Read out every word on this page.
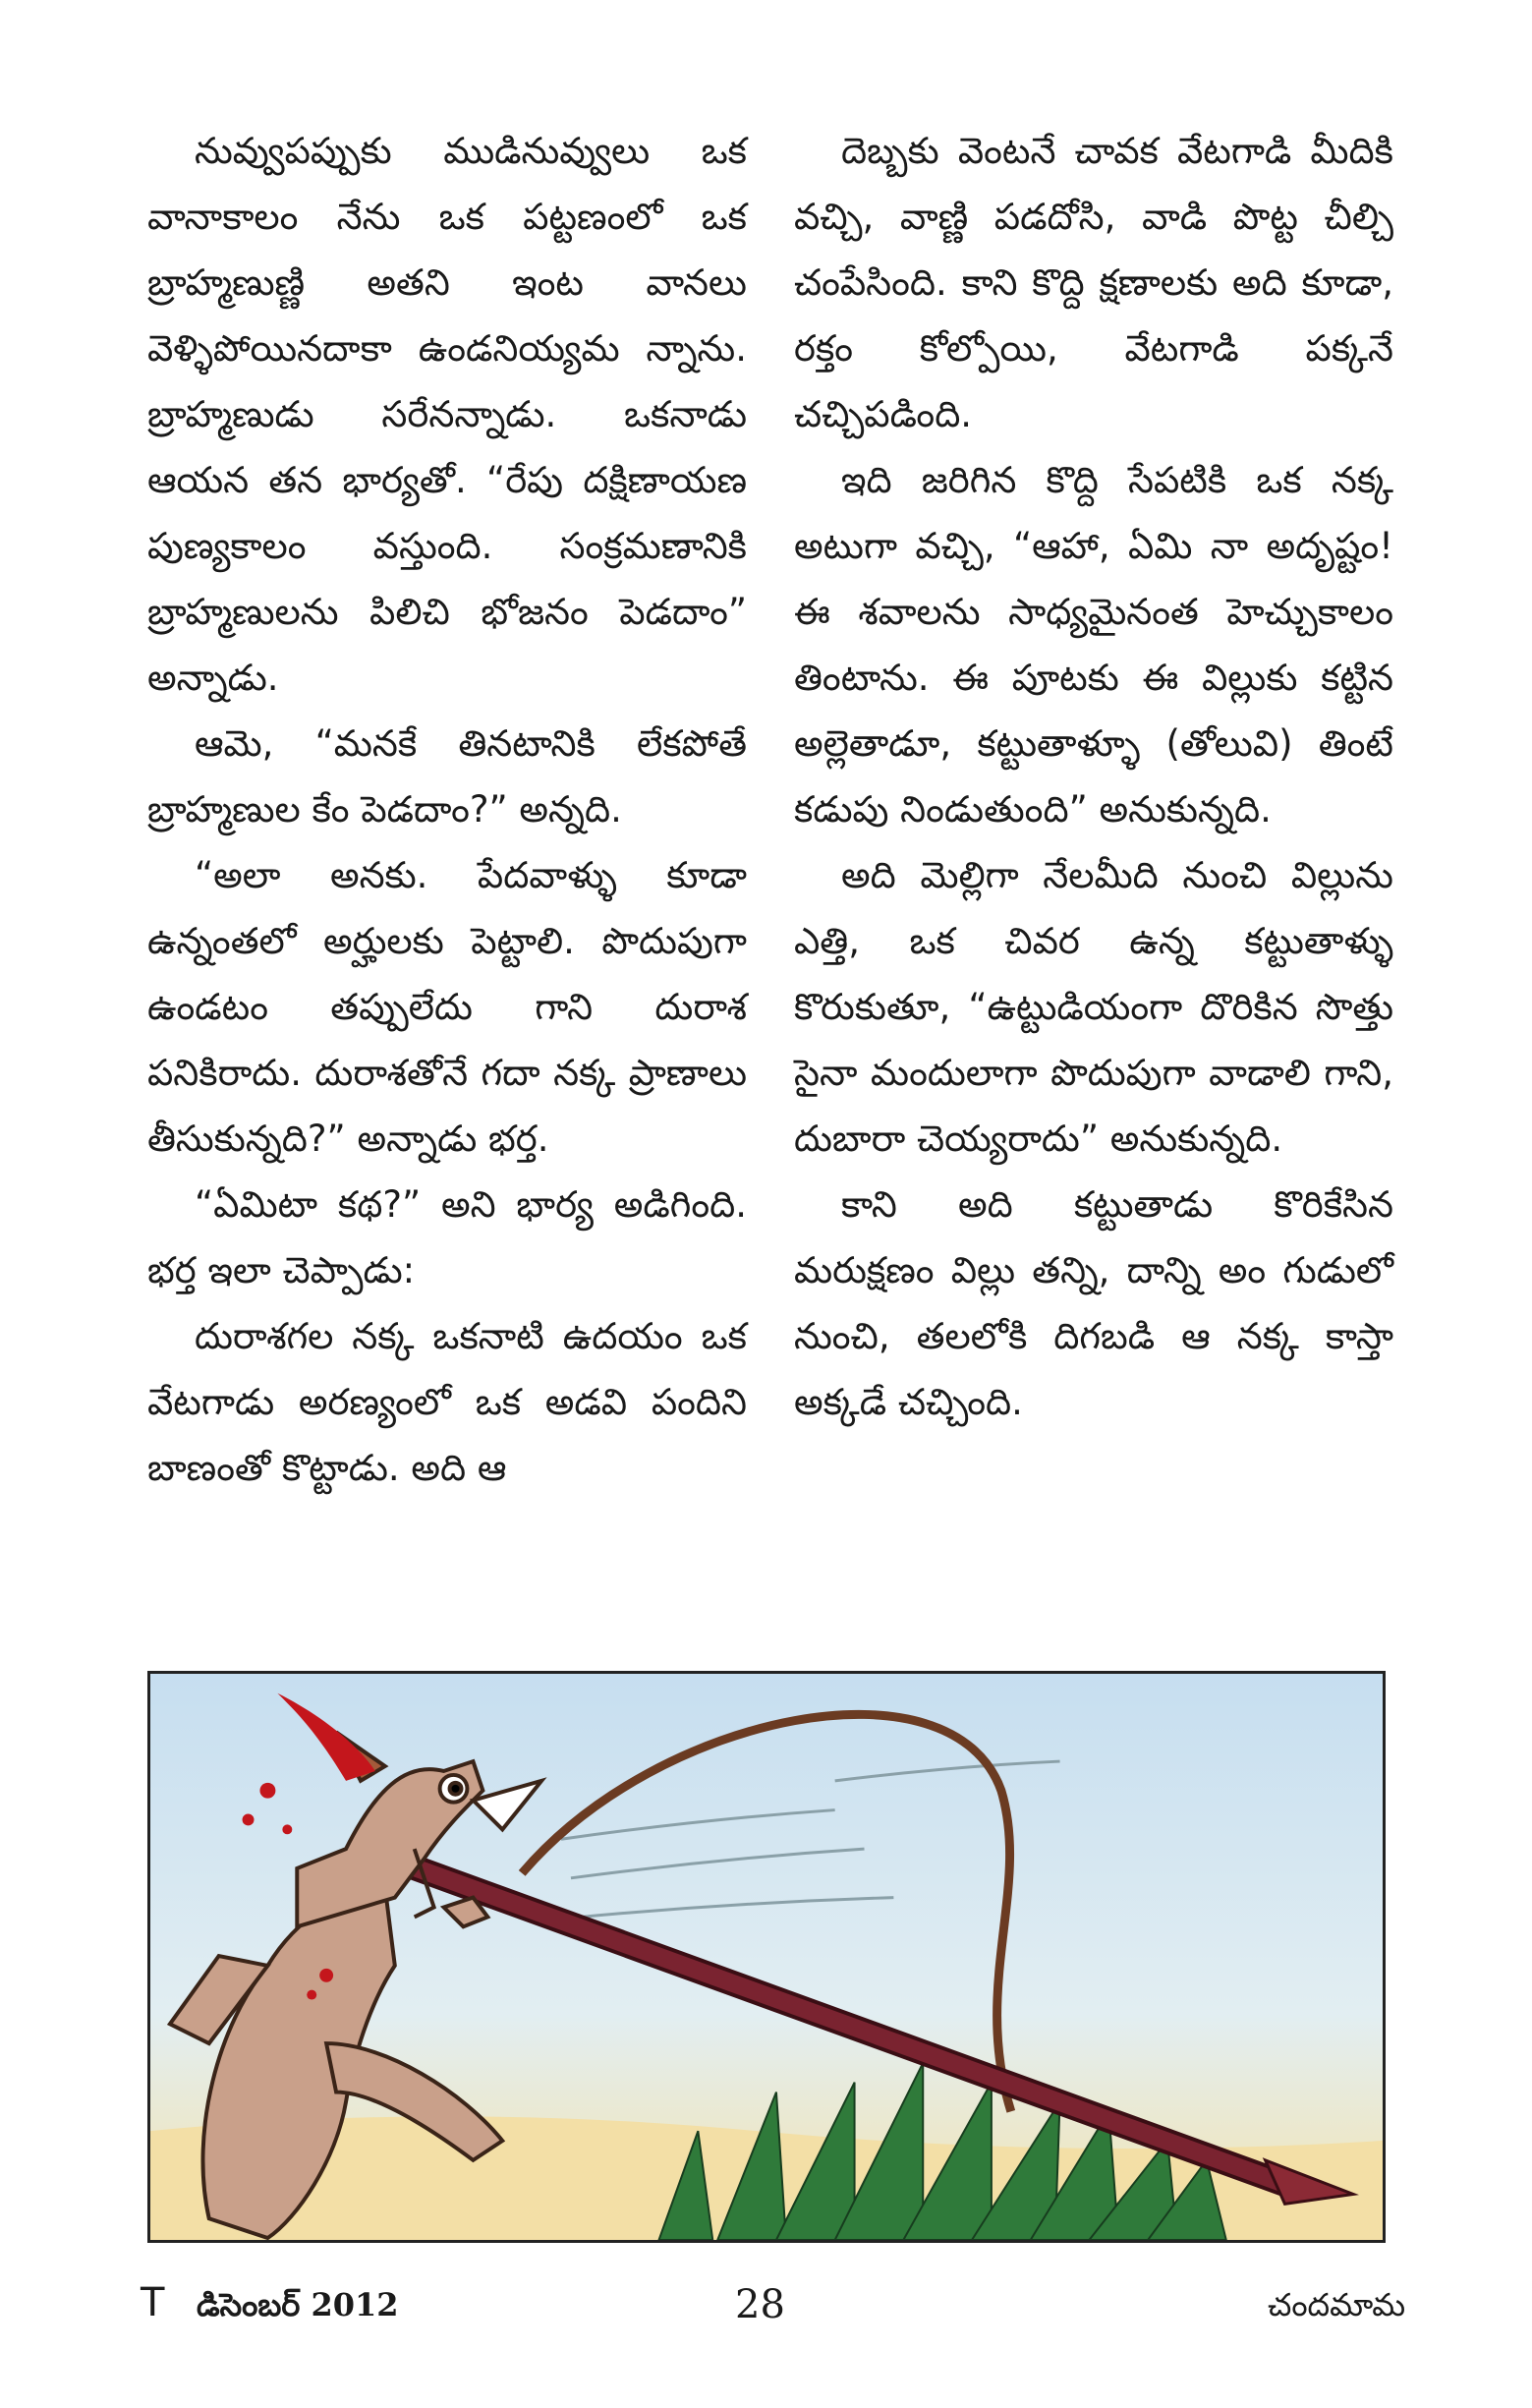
నువ్వుపప్పుకు ముడినువ్వులు ఒక వానాకాలం నేను ఒక పట్టణంలో ఒక బ్రాహ్మణుణ్ణి అతని ఇంట వానలు వెళ్ళిపోయినదాకా ఉండనియ్యమ న్నాను. బ్రాహ్మణుడు సరేనన్నాడు. ఒకనాడు ఆయన తన భార్యతో. “రేపు దక్షిణాయణ పుణ్యకాలం వస్తుంది. సంక్రమణానికి బ్రాహ్మణులను పిలిచి భోజనం పెడదాం” అన్నాడు.

ఆమె, “మనకే తినటానికి లేకపోతే బ్రాహ్మణుల కేం పెడదాం?” అన్నది.

“అలా అనకు. పేదవాళ్ళు కూడా ఉన్నంతలో అర్హులకు పెట్టాలి. పొదుపుగా ఉండటం తప్పులేదు గాని దురాశ పనికిరాదు. దురాశతోనే గదా నక్క ప్రాణాలు తీసుకున్నది?” అన్నాడు భర్త.

“ఏమిటా కథ?” అని భార్య అడిగింది. భర్త ఇలా చెప్పాడు:

దురాశగల నక్క ఒకనాటి ఉదయం ఒక వేటగాడు అరణ్యంలో ఒక అడవి పందిని బాణంతో కొట్టాడు. అది ఆ

దెబ్బకు వెంటనే చావక వేటగాడి మీదికి వచ్చి, వాణ్ణి పడదోసి, వాడి పొట్ట చీల్చి చంపేసింది. కాని కొద్ది క్షణాలకు అది కూడా, రక్తం కోల్పోయి, వేటగాడి పక్కనే చచ్చిపడింది.

ఇది జరిగిన కొద్ది సేపటికి ఒక నక్క అటుగా వచ్చి, “ఆహా, ఏమి నా అదృష్టం! ఈ శవాలను సాధ్యమైనంత హెచ్చుకాలం తింటాను. ఈ పూటకు ఈ విల్లుకు కట్టిన అల్లెతాడూ, కట్టుతాళ్ళూ (తోలువి) తింటే కడుపు నిండుతుంది” అనుకున్నది.

అది మెల్లిగా నేలమీది నుంచి విల్లును ఎత్తి, ఒక చివర ఉన్న కట్టుతాళ్ళు కొరుకుతూ, “ఉట్టుడియంగా దొరికిన సొత్తు సైనా మందులాగా పొదుపుగా వాడాలి గాని, దుబారా చెయ్యరాదు” అనుకున్నది.

కాని అది కట్టుతాడు కొరికేసిన మరుక్షణం విల్లు తన్ని, దాన్ని అం గుడులో నుంచి, తలలోకి దిగబడి ఆ నక్క కాస్తా అక్కడే చచ్చింది.

T డిసెంబర్ 2012	28	చందమామ
